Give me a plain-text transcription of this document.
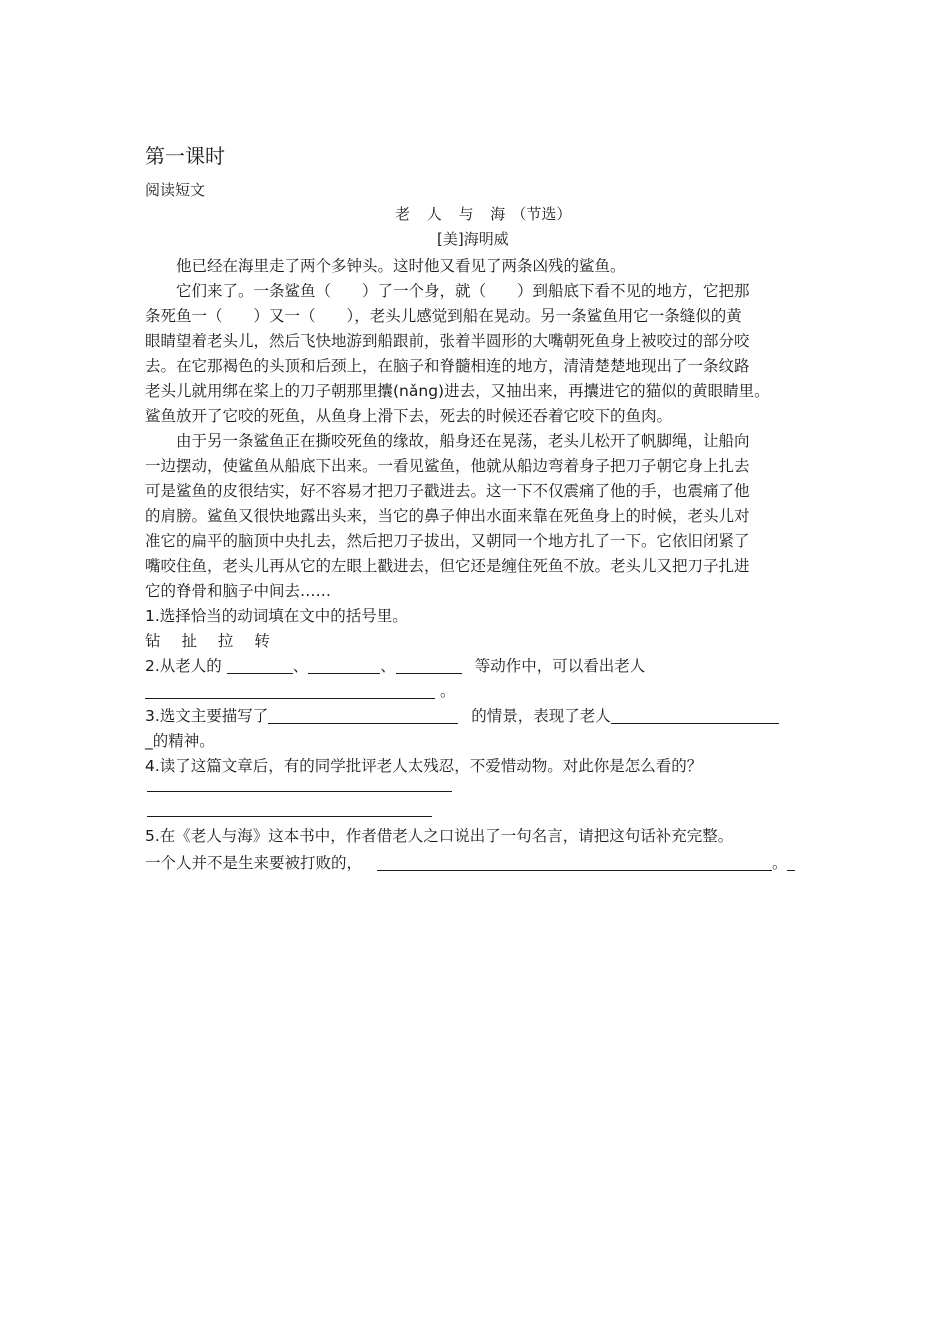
第一课时
阅读短文
老 人 与 海（节选）
[美]海明威
他已经在海里走了两个多钟头。这时他又看见了两条凶残的鲨鱼。
它们来了。一条鲨鱼（　　）了一个身，就（　　）到船底下看不见的地方，它把那
条死鱼一（　　）又一（　　），老头儿感觉到船在晃动。另一条鲨鱼用它一条缝似的黄
眼睛望着老头儿，然后飞快地游到船跟前，张着半圆形的大嘴朝死鱼身上被咬过的部分咬
去。在它那褐色的头顶和后颈上，在脑子和脊髓相连的地方，清清楚楚地现出了一条纹路
老头儿就用绑在桨上的刀子朝那里攮(nǎng)进去，又抽出来，再攮进它的猫似的黄眼睛里。
鲨鱼放开了它咬的死鱼，从鱼身上滑下去，死去的时候还吞着它咬下的鱼肉。
由于另一条鲨鱼正在撕咬死鱼的缘故，船身还在晃荡，老头儿松开了帆脚绳，让船向
一边摆动，使鲨鱼从船底下出来。一看见鲨鱼，他就从船边弯着身子把刀子朝它身上扎去
可是鲨鱼的皮很结实，好不容易才把刀子戳进去。这一下不仅震痛了他的手，也震痛了他
的肩膀。鲨鱼又很快地露出头来，当它的鼻子伸出水面来靠在死鱼身上的时候，老头儿对
准它的扁平的脑顶中央扎去，然后把刀子拔出，又朝同一个地方扎了一下。它依旧闭紧了
嘴咬住鱼，老头儿再从它的左眼上戳进去，但它还是缠住死鱼不放。老头儿又把刀子扎进
它的脊骨和脑子中间去……
1.选择恰当的动词填在文中的括号里。
钻 扯 拉 转
2.从老人的	、	、	等动作中，可以看出老人
。
3.选文主要描写了	的情景，表现了老人
_的精神。
4.读了这篇文章后，有的同学批评老人太残忍，不爱惜动物。对此你是怎么看的？
5.在《老人与海》这本书中，作者借老人之口说出了一句名言，请把这句话补充完整。
一个人并不是生来要被打败的，	。
